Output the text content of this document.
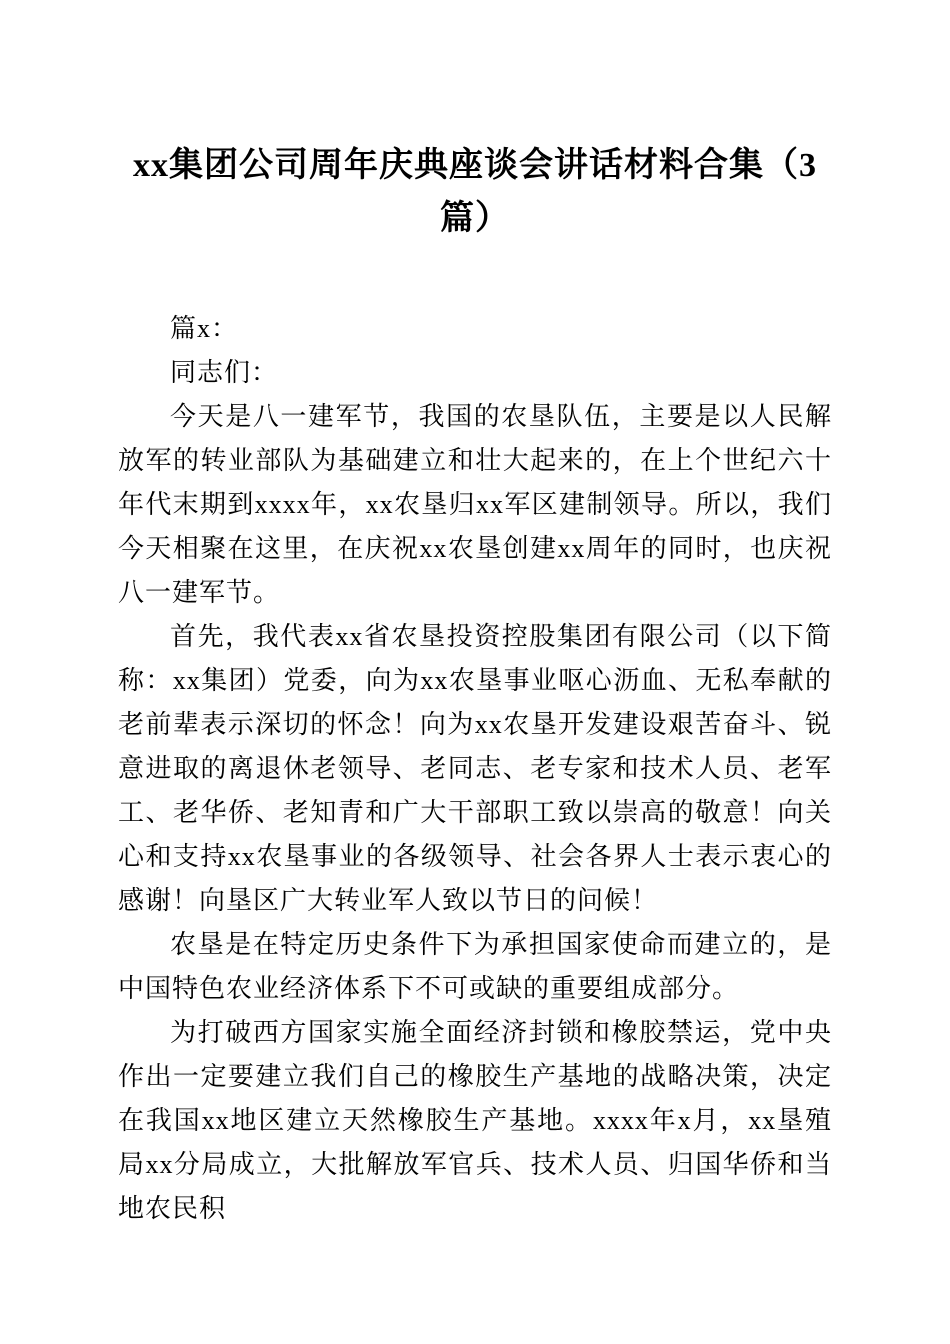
xx集团公司周年庆典座谈会讲话材料合集（3篇）

篇x：

同志们：

今天是八一建军节，我国的农垦队伍，主要是以人民解放军的转业部队为基础建立和壮大起来的，在上个世纪六十年代末期到xxxx年，xx农垦归xx军区建制领导。所以，我们今天相聚在这里，在庆祝xx农垦创建xx周年的同时，也庆祝八一建军节。

首先，我代表xx省农垦投资控股集团有限公司（以下简称：xx集团）党委，向为xx农垦事业呕心沥血、无私奉献的老前辈表示深切的怀念！向为xx农垦开发建设艰苦奋斗、锐意进取的离退休老领导、老同志、老专家和技术人员、老军工、老华侨、老知青和广大干部职工致以崇高的敬意！向关心和支持xx农垦事业的各级领导、社会各界人士表示衷心的感谢！向垦区广大转业军人致以节日的问候！

农垦是在特定历史条件下为承担国家使命而建立的，是中国特色农业经济体系下不可或缺的重要组成部分。

为打破西方国家实施全面经济封锁和橡胶禁运，党中央作出一定要建立我们自己的橡胶生产基地的战略决策，决定在我国xx地区建立天然橡胶生产基地。xxxx年x月，xx垦殖局xx分局成立，大批解放军官兵、技术人员、归国华侨和当地农民积
